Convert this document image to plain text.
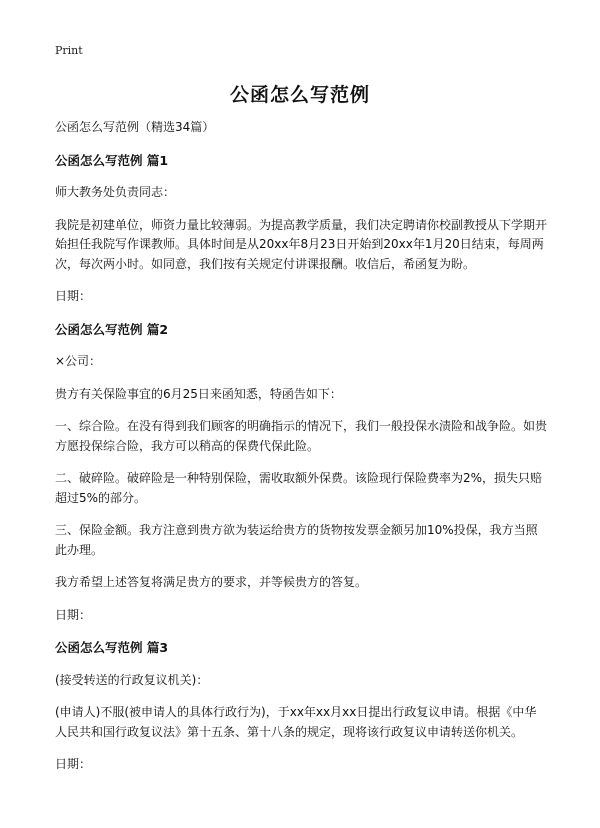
Print
公函怎么写范例
公函怎么写范例（精选34篇）
公函怎么写范例 篇1
师大教务处负责同志：
我院是初建单位，师资力量比较薄弱。为提高教学质量，我们决定聘请你校副教授从下学期开始担任我院写作课教师。具体时间是从20xx年8月23日开始到20xx年1月20日结束，每周两次，每次两小时。如同意，我们按有关规定付讲课报酬。收信后，希函复为盼。
日期：
公函怎么写范例 篇2
×公司：
贵方有关保险事宜的6月25日来函知悉，特函告如下：
一、综合险。在没有得到我们顾客的明确指示的情况下，我们一般投保水渍险和战争险。如贵方愿投保综合险，我方可以稍高的保费代保此险。
二、破碎险。破碎险是一种特别保险，需收取额外保费。该险现行保险费率为2%，损失只赔超过5%的部分。
三、保险金额。我方注意到贵方欲为装运给贵方的货物按发票金额另加10%投保，我方当照此办理。
我方希望上述答复将满足贵方的要求，并等候贵方的答复。
日期：
公函怎么写范例 篇3
(接受转送的行政复议机关)：
(申请人)不服(被申请人的具体行政行为)，于xx年xx月xx日提出行政复议申请。根据《中华人民共和国行政复议法》第十五条、第十八条的规定，现将该行政复议申请转送你机关。
日期：
